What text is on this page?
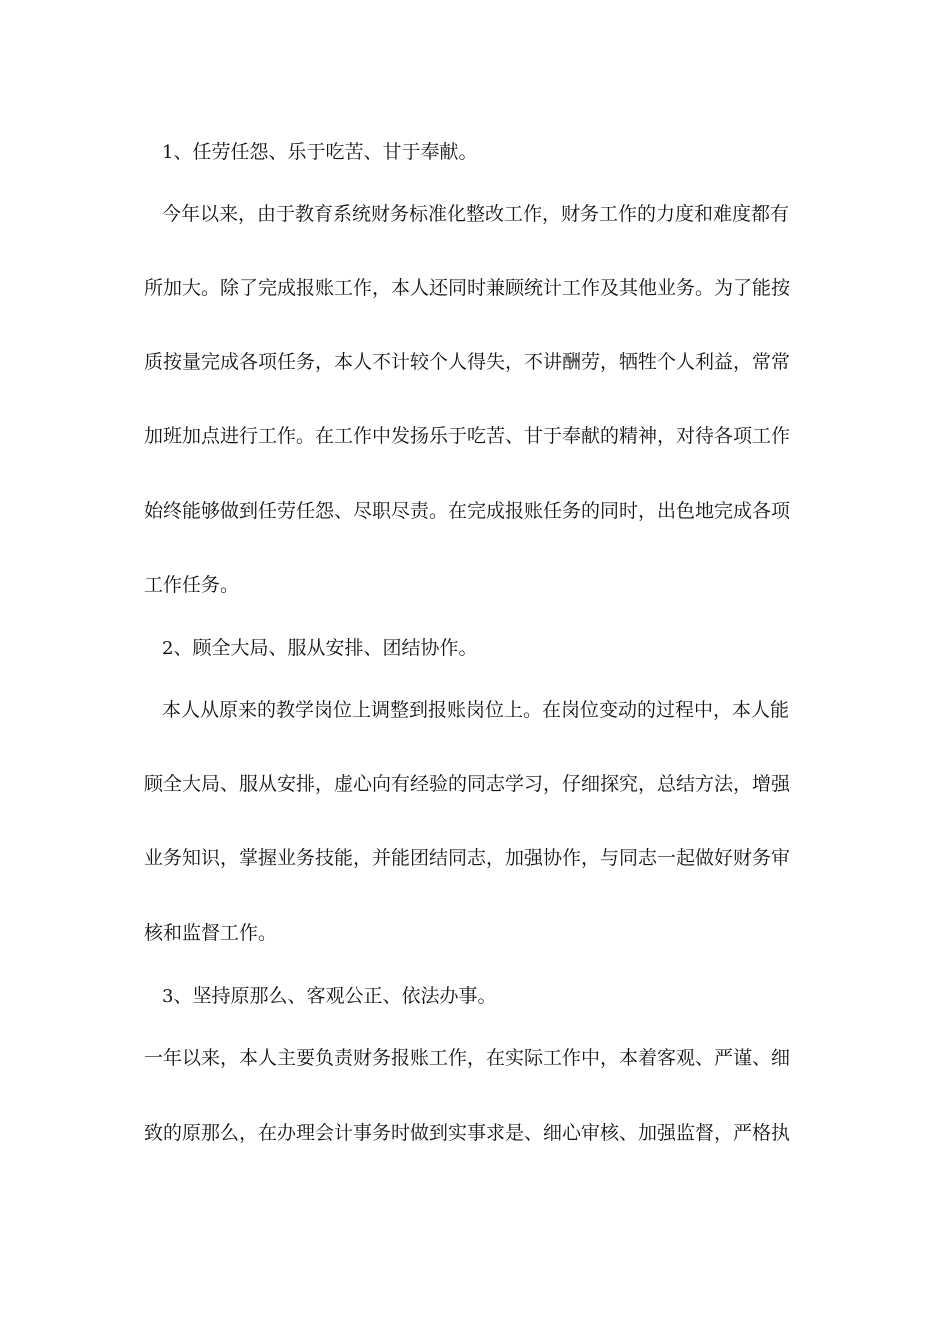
1、任劳任怨、乐于吃苦、甘于奉献。
今年以来，由于教育系统财务标准化整改工作，财务工作的力度和难度都有
所加大。除了完成报账工作，本人还同时兼顾统计工作及其他业务。为了能按
质按量完成各项任务，本人不计较个人得失，不讲酬劳，牺牲个人利益，常常
加班加点进行工作。在工作中发扬乐于吃苦、甘于奉献的精神，对待各项工作
始终能够做到任劳任怨、尽职尽责。在完成报账任务的同时，出色地完成各项
工作任务。
2、顾全大局、服从安排、团结协作。
本人从原来的教学岗位上调整到报账岗位上。在岗位变动的过程中，本人能
顾全大局、服从安排，虚心向有经验的同志学习，仔细探究，总结方法，增强
业务知识，掌握业务技能，并能团结同志，加强协作，与同志一起做好财务审
核和监督工作。
3、坚持原那么、客观公正、依法办事。
一年以来，本人主要负责财务报账工作，在实际工作中，本着客观、严谨、细
致的原那么，在办理会计事务时做到实事求是、细心审核、加强监督，严格执
